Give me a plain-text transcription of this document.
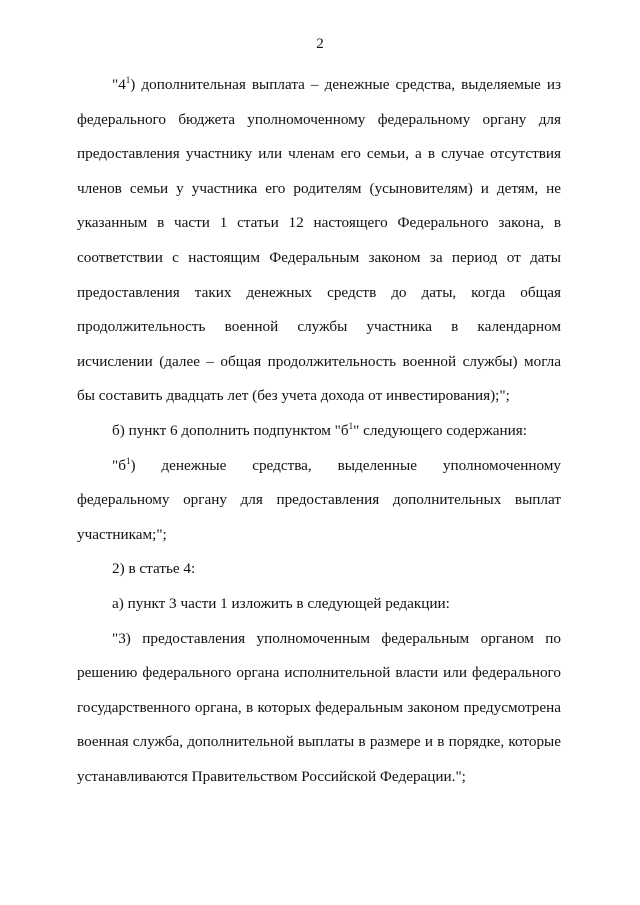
2

"$4^1$) дополнительная выплата – денежные средства, выделяемые из федерального бюджета уполномоченному федеральному органу для предоставления участнику или членам его семьи, а в случае отсутствия членов семьи у участника его родителям (усыновителям) и детям, не указанным в части 1 статьи 12 настоящего Федерального закона, в соответствии с настоящим Федеральным законом за период от даты предоставления таких денежных средств до даты, когда общая продолжительность военной службы участника в календарном исчислении (далее – общая продолжительность военной службы) могла бы составить двадцать лет (без учета дохода от инвестирования);";

б) пункт 6 дополнить подпунктом "$б^1$" следующего содержания:

"$б^1$) денежные средства, выделенные уполномоченному федеральному органу для предоставления дополнительных выплат участникам;";

2) в статье 4:

а) пункт 3 части 1 изложить в следующей редакции:

"3) предоставления уполномоченным федеральным органом по решению федерального органа исполнительной власти или федерального государственного органа, в которых федеральным законом предусмотрена военная служба, дополнительной выплаты в размере и в порядке, которые устанавливаются Правительством Российской Федерации.";
